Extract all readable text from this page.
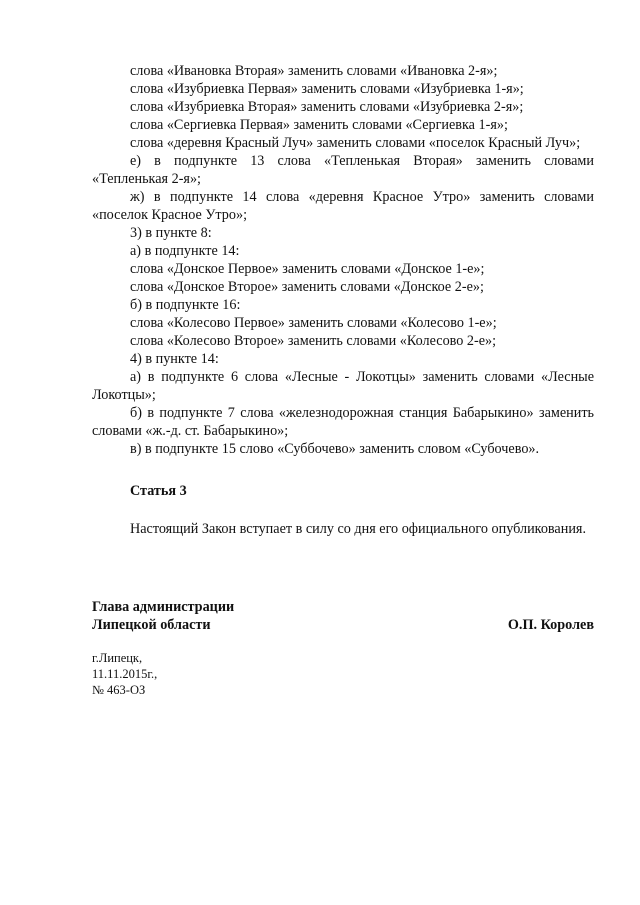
слова «Ивановка Вторая» заменить словами «Ивановка 2-я»;

слова «Изубриевка Первая» заменить словами «Изубриевка 1-я»;

слова «Изубриевка Вторая» заменить словами «Изубриевка 2-я»;

слова «Сергиевка Первая» заменить словами «Сергиевка 1-я»;

слова «деревня Красный Луч» заменить словами «поселок Красный Луч»;

е) в подпункте 13 слова «Тепленькая Вторая» заменить словами «Тепленькая 2-я»;

ж) в подпункте 14 слова «деревня Красное Утро» заменить словами «поселок Красное Утро»;

3) в пункте 8:

а) в подпункте 14:

слова «Донское Первое» заменить словами «Донское 1-е»;

слова «Донское Второе» заменить словами «Донское 2-е»;

б) в подпункте 16:

слова «Колесово Первое» заменить словами «Колесово 1-е»;

слова «Колесово Второе» заменить словами «Колесово 2-е»;

4) в пункте 14:

а) в подпункте 6 слова «Лесные - Локотцы» заменить словами «Лесные Локотцы»;

б) в подпункте 7 слова «железнодорожная станция Бабарыкино» заменить словами «ж.-д. ст. Бабарыкино»;

в) в подпункте 15 слово «Суббочево» заменить словом «Субочево».

Статья 3

Настоящий Закон вступает в силу со дня его официального опубликования.

Глава администрации
Липецкой области	О.П. Королев
г.Липецк,
11.11.2015г.,
№ 463-ОЗ
